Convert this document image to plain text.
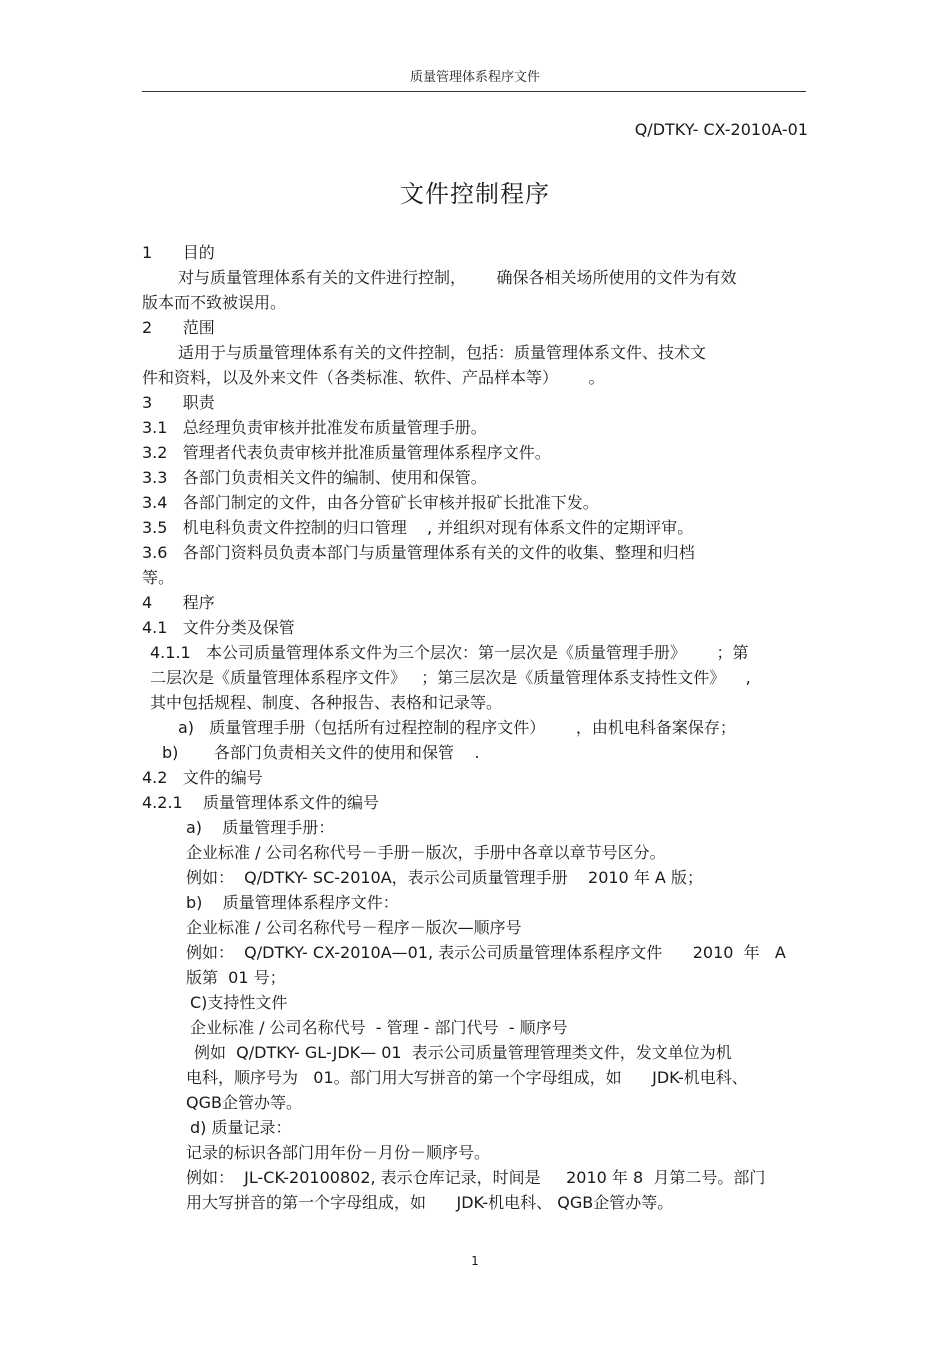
质量管理体系程序文件
Q/DTKY- CX-2010A-01
文件控制程序
1      目的
对与质量管理体系有关的文件进行控制，      确保各相关场所使用的文件为有效
版本而不致被误用。
2      范围
适用于与质量管理体系有关的文件控制，包括：质量管理体系文件、技术文
件和资料，以及外来文件（各类标准、软件、产品样本等）      。
3      职责
3.1   总经理负责审核并批准发布质量管理手册。
3.2   管理者代表负责审核并批准质量管理体系程序文件。
3.3   各部门负责相关文件的编制、使用和保管。
3.4   各部门制定的文件，由各分管矿长审核并报矿长批准下发。
3.5   机电科负责文件控制的归口管理    , 并组织对现有体系文件的定期评审。
3.6   各部门资料员负责本部门与质量管理体系有关的文件的收集、整理和归档
等。
4      程序
4.1   文件分类及保管
4.1.1   本公司质量管理体系文件为三个层次：第一层次是《质量管理手册》      ；第
二层次是《质量管理体系程序文件》   ；第三层次是《质量管理体系支持性文件》    ,
其中包括规程、制度、各种报告、表格和记录等。
a)   质量管理手册（包括所有过程控制的程序文件）      ，由机电科备案保存；
b)       各部门负责相关文件的使用和保管    .
4.2   文件的编号
4.2.1    质量管理体系文件的编号
a)    质量管理手册：
企业标准 / 公司名称代号－手册－版次，手册中各章以章节号区分。
例如：  Q/DTKY- SC-2010A，表示公司质量管理手册    2010 年 A 版；
b)    质量管理体系程序文件：
企业标准 / 公司名称代号－程序－版次—顺序号
例如：  Q/DTKY- CX-2010A—01, 表示公司质量管理体系程序文件      2010  年   A
版第  01 号；
C)支持性文件
企业标准 / 公司名称代号  - 管理 - 部门代号  - 顺序号
例如  Q/DTKY- GL-JDK— 01  表示公司质量管理管理类文件，发文单位为机
电科，顺序号为   01。部门用大写拼音的第一个字母组成，如      JDK-机电科、
QGB企管办等。
d) 质量记录：
记录的标识各部门用年份－月份－顺序号。
例如：  JL-CK-20100802, 表示仓库记录，时间是     2010 年 8  月第二号。部门
用大写拼音的第一个字母组成，如      JDK-机电科、 QGB企管办等。
1
